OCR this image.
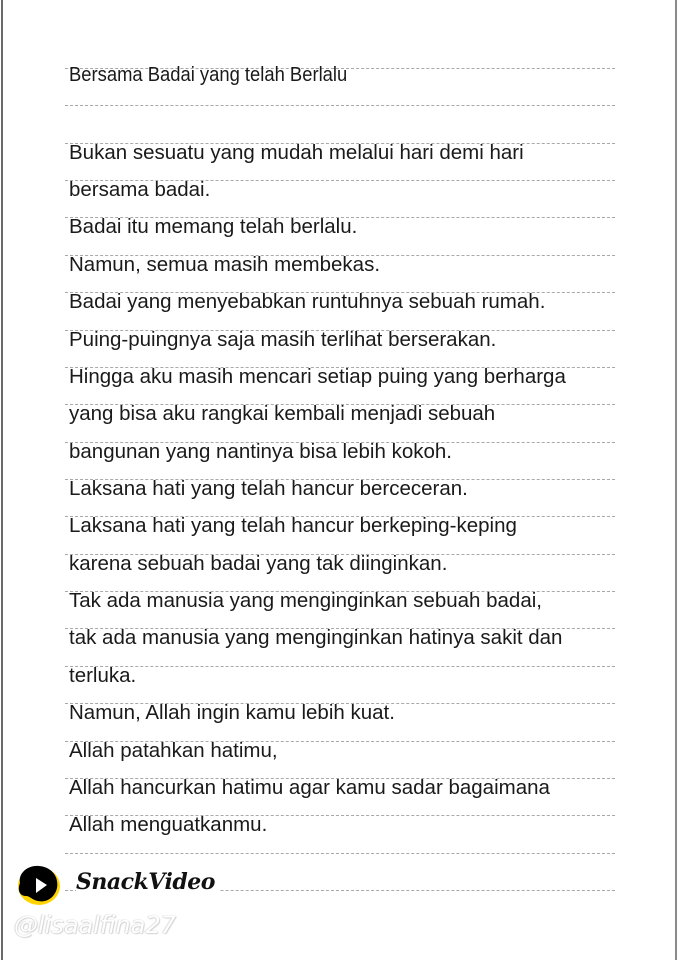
Bersama Badai yang telah Berlalu
Bukan sesuatu yang mudah melalui hari demi hari
bersama badai.
Badai itu memang telah berlalu.
Namun, semua masih membekas.
Badai yang menyebabkan runtuhnya sebuah rumah.
Puing-puingnya saja masih terlihat berserakan.
Hingga aku masih mencari setiap puing yang berharga
yang bisa aku rangkai kembali menjadi sebuah
bangunan yang nantinya bisa lebih kokoh.
Laksana hati yang telah hancur berceceran.
Laksana hati yang telah hancur berkeping-keping
karena sebuah badai yang tak diinginkan.
Tak ada manusia yang menginginkan sebuah badai,
tak ada manusia yang menginginkan hatinya sakit dan
terluka.
Namun, Allah ingin kamu lebih kuat.
Allah patahkan hatimu,
Allah hancurkan hatimu agar kamu sadar bagaimana
Allah menguatkanmu.
SnackVideo
@lisaalfina27
